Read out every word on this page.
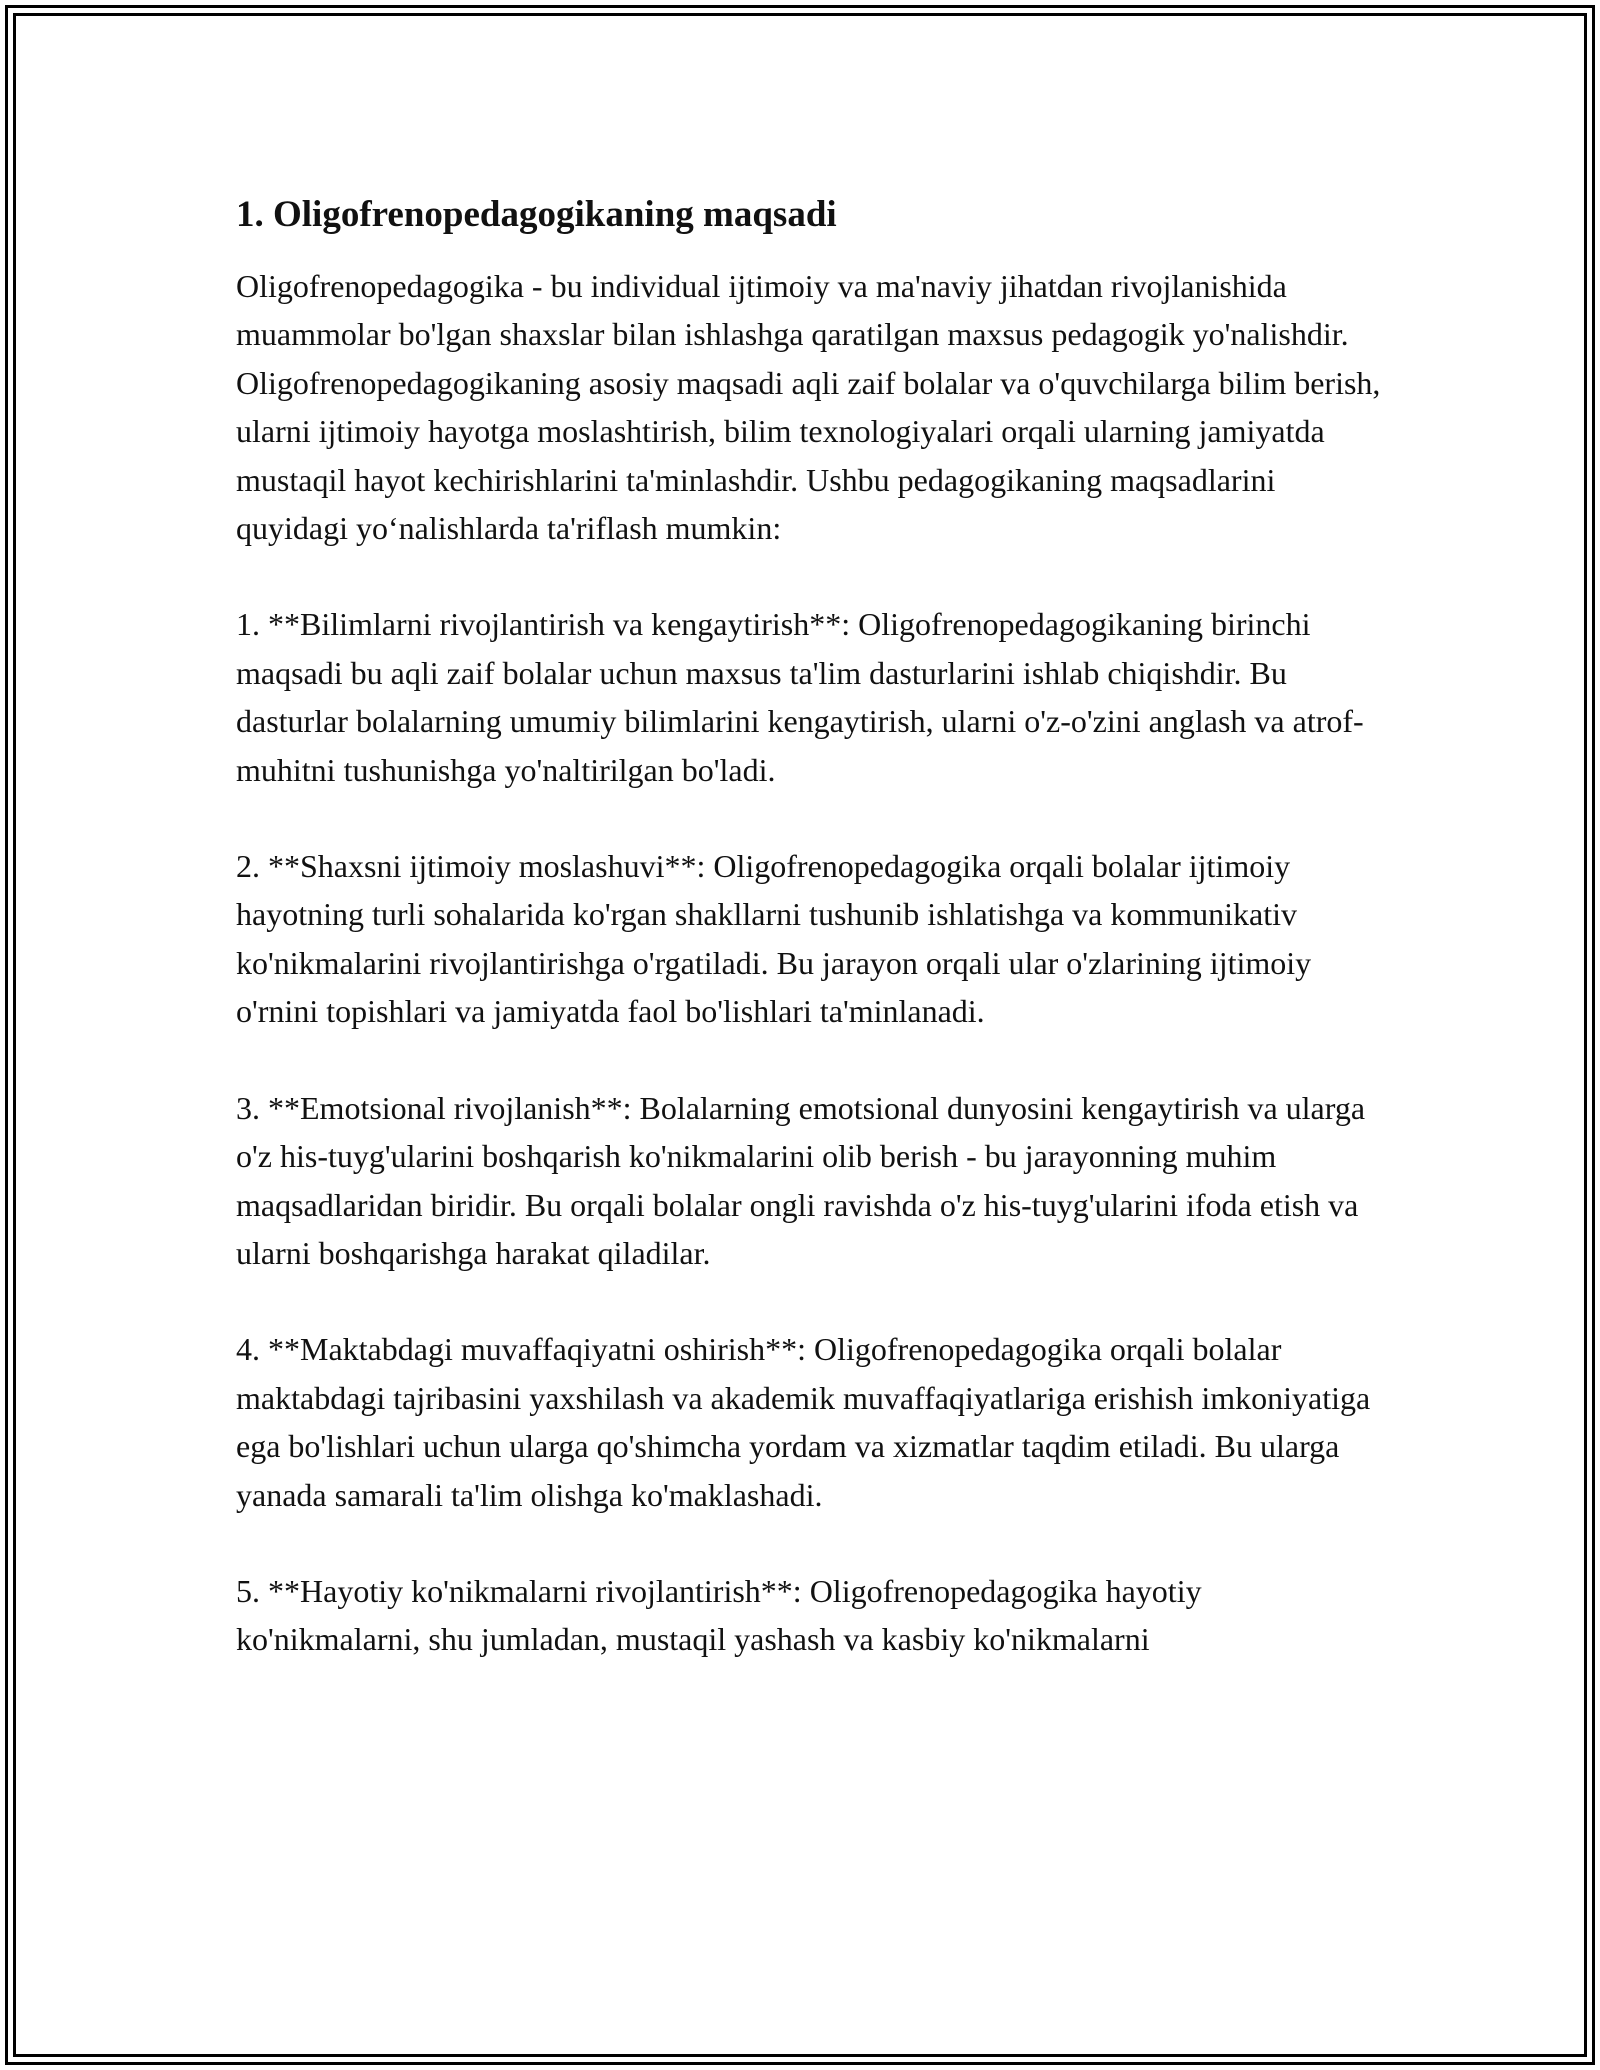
1. Oligofrenopedagogikaning maqsadi

Oligofrenopedagogika - bu individual ijtimoiy va ma'naviy jihatdan rivojlanishida muammolar bo'lgan shaxslar bilan ishlashga qaratilgan maxsus pedagogik yo'nalishdir. Oligofrenopedagogikaning asosiy maqsadi aqli zaif bolalar va o'quvchilarga bilim berish, ularni ijtimoiy hayotga moslashtirish, bilim texnologiyalari orqali ularning jamiyatda mustaqil hayot kechirishlarini ta'minlashdir. Ushbu pedagogikaning maqsadlarini quyidagi yo‘nalishlarda ta'riflash mumkin:

1. **Bilimlarni rivojlantirish va kengaytirish**: Oligofrenopedagogikaning birinchi maqsadi bu aqli zaif bolalar uchun maxsus ta'lim dasturlarini ishlab chiqishdir. Bu dasturlar bolalarning umumiy bilimlarini kengaytirish, ularni o'z-o'zini anglash va atrof-muhitni tushunishga yo'naltirilgan bo'ladi.

2. **Shaxsni ijtimoiy moslashuvi**: Oligofrenopedagogika orqali bolalar ijtimoiy hayotning turli sohalarida ko'rgan shakllarni tushunib ishlatishga va kommunikativ ko'nikmalarini rivojlantirishga o'rgatiladi. Bu jarayon orqali ular o'zlarining ijtimoiy o'rnini topishlari va jamiyatda faol bo'lishlari ta'minlanadi.

3. **Emotsional rivojlanish**: Bolalarning emotsional dunyosini kengaytirish va ularga o'z his-tuyg'ularini boshqarish ko'nikmalarini olib berish - bu jarayonning muhim maqsadlaridan biridir. Bu orqali bolalar ongli ravishda o'z his-tuyg'ularini ifoda etish va ularni boshqarishga harakat qiladilar.

4. **Maktabdagi muvaffaqiyatni oshirish**: Oligofrenopedagogika orqali bolalar maktabdagi tajribasini yaxshilash va akademik muvaffaqiyatlariga erishish imkoniyatiga ega bo'lishlari uchun ularga qo'shimcha yordam va xizmatlar taqdim etiladi. Bu ularga yanada samarali ta'lim olishga ko'maklashadi.

5. **Hayotiy ko'nikmalarni rivojlantirish**: Oligofrenopedagogika hayotiy ko'nikmalarni, shu jumladan, mustaqil yashash va kasbiy ko'nikmalarni
